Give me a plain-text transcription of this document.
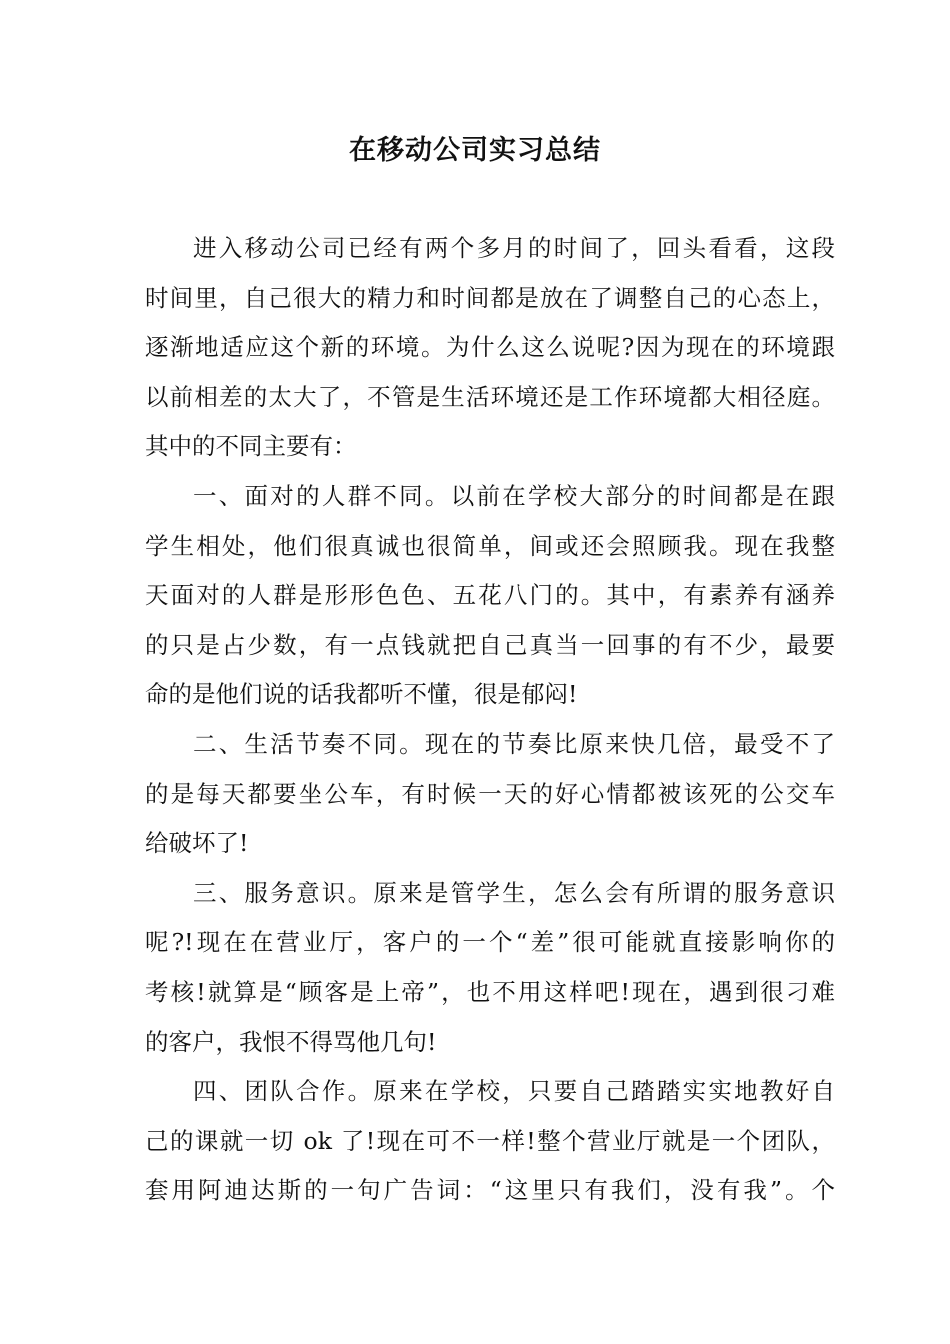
在移动公司实习总结
进入移动公司已经有两个多月的时间了，回头看看，这段
时间里，自己很大的精力和时间都是放在了调整自己的心态上，
逐渐地适应这个新的环境。为什么这么说呢?因为现在的环境跟
以前相差的太大了，不管是生活环境还是工作环境都大相径庭。
其中的不同主要有：
一、面对的人群不同。以前在学校大部分的时间都是在跟
学生相处，他们很真诚也很简单，间或还会照顾我。现在我整
天面对的人群是形形色色、五花八门的。其中，有素养有涵养
的只是占少数，有一点钱就把自己真当一回事的有不少，最要
命的是他们说的话我都听不懂，很是郁闷!
二、生活节奏不同。现在的节奏比原来快几倍，最受不了
的是每天都要坐公车，有时候一天的好心情都被该死的公交车
给破坏了!
三、服务意识。原来是管学生，怎么会有所谓的服务意识
呢?!现在在营业厅，客户的一个“差”很可能就直接影响你的
考核!就算是“顾客是上帝”，也不用这样吧!现在，遇到很刁难
的客户，我恨不得骂他几句!
四、团队合作。原来在学校，只要自己踏踏实实地教好自
己的课就一切 ok 了!现在可不一样!整个营业厅就是一个团队，
套用阿迪达斯的一句广告词：“这里只有我们，没有我”。个
